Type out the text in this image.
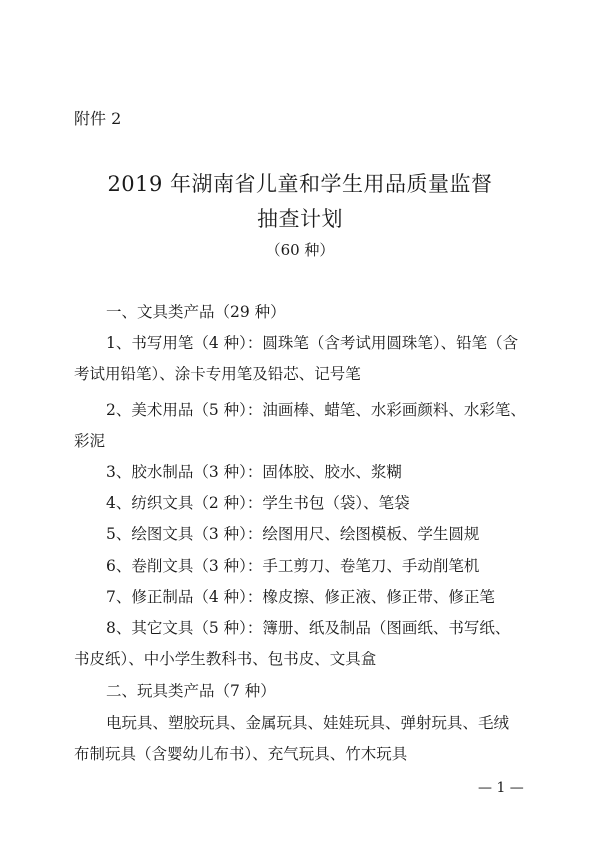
附件 2
2019 年湖南省儿童和学生用品质量监督
抽查计划
（60 种）
一、文具类产品（29 种）
1、书写用笔（4 种）：圆珠笔（含考试用圆珠笔）、铅笔（含
考试用铅笔）、涂卡专用笔及铅芯、记号笔
2、美术用品（5 种）：油画棒、蜡笔、水彩画颜料、水彩笔、
彩泥
3、胶水制品（3 种）：固体胶、胶水、浆糊
4、纺织文具（2 种）：学生书包（袋）、笔袋
5、绘图文具（3 种）：绘图用尺、绘图模板、学生圆规
6、卷削文具（3 种）：手工剪刀、卷笔刀、手动削笔机
7、修正制品（4 种）：橡皮擦、修正液、修正带、修正笔
8、其它文具（5 种）：簿册、纸及制品（图画纸、书写纸、
书皮纸）、中小学生教科书、包书皮、文具盒
二、玩具类产品（7 种）
电玩具、塑胶玩具、金属玩具、娃娃玩具、弹射玩具、毛绒
布制玩具（含婴幼儿布书）、充气玩具、竹木玩具
— 1 —
